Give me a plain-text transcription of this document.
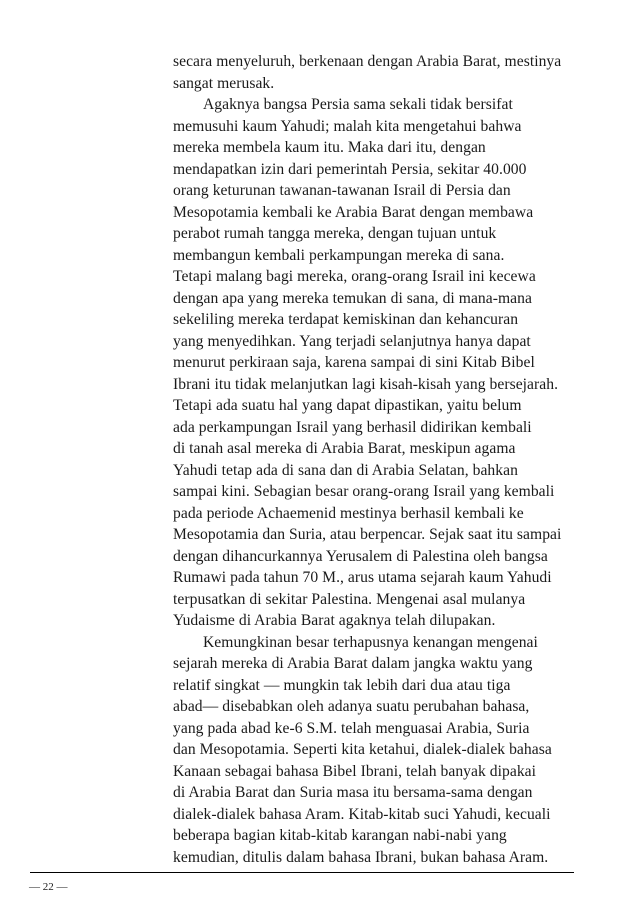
secara menyeluruh, berkenaan dengan Arabia Barat, mestinya
sangat merusak.
Agaknya bangsa Persia sama sekali tidak bersifat
memusuhi kaum Yahudi; malah kita mengetahui bahwa
mereka membela kaum itu. Maka dari itu, dengan
mendapatkan izin dari pemerintah Persia, sekitar 40.000
orang keturunan tawanan-tawanan Israil di Persia dan
Mesopotamia kembali ke Arabia Barat dengan membawa
perabot rumah tangga mereka, dengan tujuan untuk
membangun kembali perkampungan mereka di sana.
Tetapi malang bagi mereka, orang-orang Israil ini kecewa
dengan apa yang mereka temukan di sana, di mana-mana
sekeliling mereka terdapat kemiskinan dan kehancuran
yang menyedihkan. Yang terjadi selanjutnya hanya dapat
menurut perkiraan saja, karena sampai di sini Kitab Bibel
Ibrani itu tidak melanjutkan lagi kisah-kisah yang bersejarah.
Tetapi ada suatu hal yang dapat dipastikan, yaitu belum
ada perkampungan Israil yang berhasil didirikan kembali
di tanah asal mereka di Arabia Barat, meskipun agama
Yahudi tetap ada di sana dan di Arabia Selatan, bahkan
sampai kini. Sebagian besar orang-orang Israil yang kembali
pada periode Achaemenid mestinya berhasil kembali ke
Mesopotamia dan Suria, atau berpencar. Sejak saat itu sampai
dengan dihancurkannya Yerusalem di Palestina oleh bangsa
Rumawi pada tahun 70 M., arus utama sejarah kaum Yahudi
terpusatkan di sekitar Palestina. Mengenai asal mulanya
Yudaisme di Arabia Barat agaknya telah dilupakan.
Kemungkinan besar terhapusnya kenangan mengenai
sejarah mereka di Arabia Barat dalam jangka waktu yang
relatif singkat — mungkin tak lebih dari dua atau tiga
abad— disebabkan oleh adanya suatu perubahan bahasa,
yang pada abad ke-6 S.M. telah menguasai Arabia, Suria
dan Mesopotamia. Seperti kita ketahui, dialek-dialek bahasa
Kanaan sebagai bahasa Bibel Ibrani, telah banyak dipakai
di Arabia Barat dan Suria masa itu bersama-sama dengan
dialek-dialek bahasa Aram. Kitab-kitab suci Yahudi, kecuali
beberapa bagian kitab-kitab karangan nabi-nabi yang
kemudian, ditulis dalam bahasa Ibrani, bukan bahasa Aram.
— 22 —
